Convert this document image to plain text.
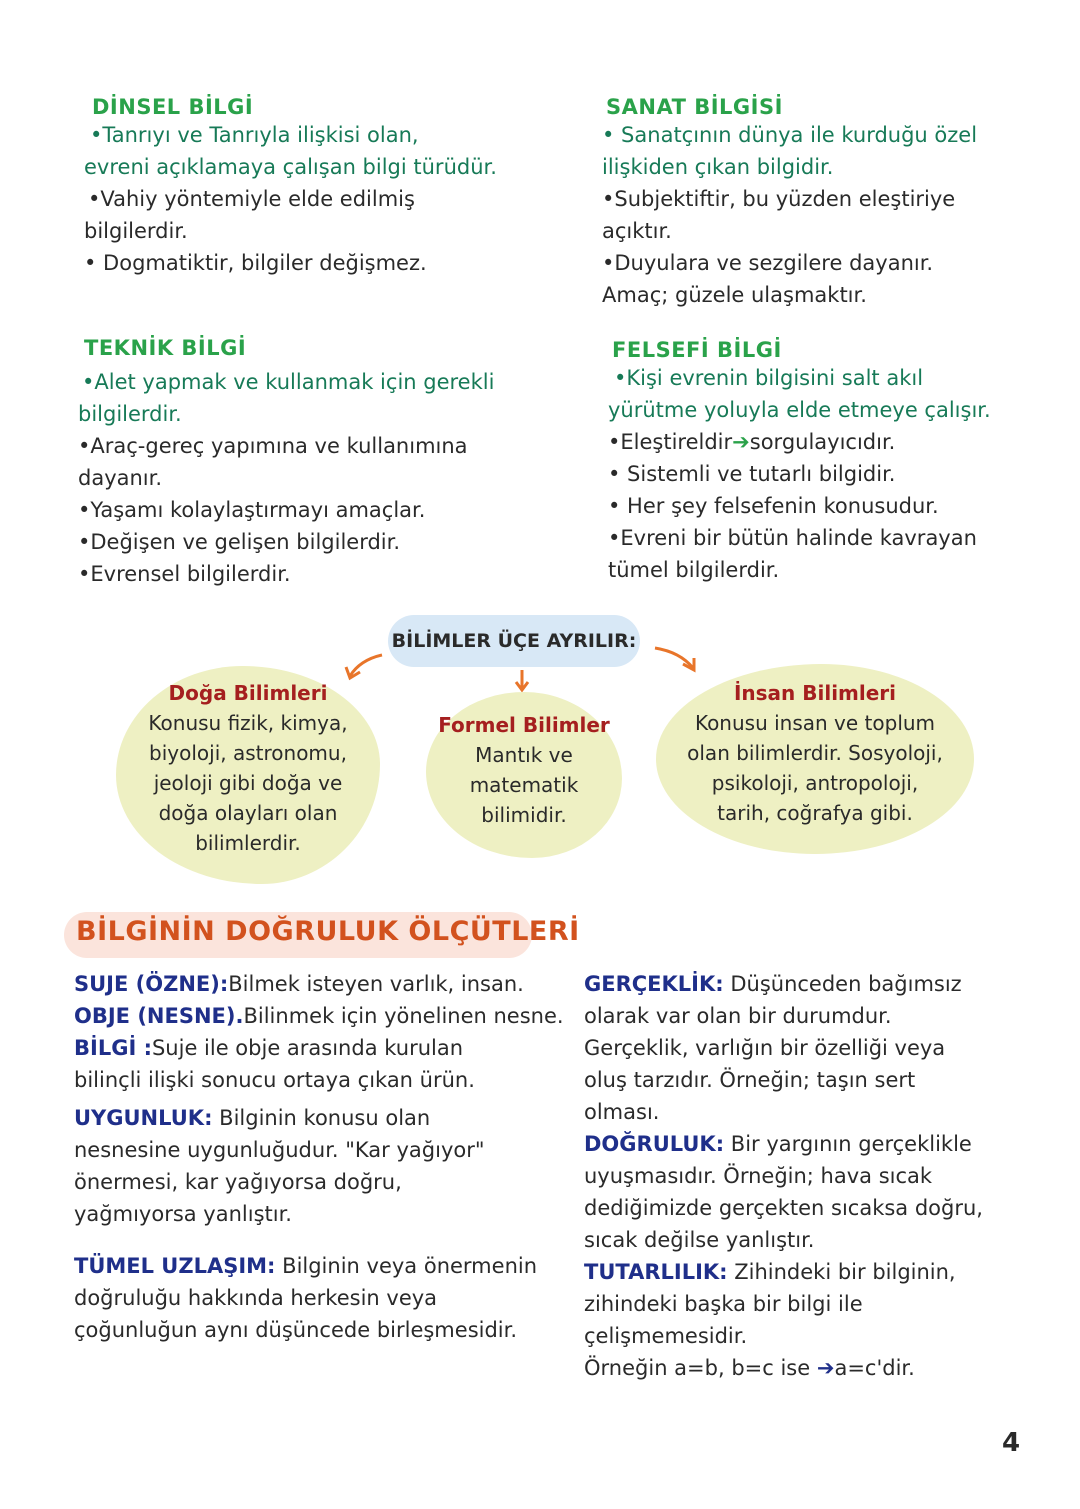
DİNSEL BİLGİ
•Tanrıyı ve Tanrıyla ilişkisi olan,
evreni açıklamaya çalışan bilgi türüdür.
•Vahiy yöntemiyle elde edilmiş
bilgilerdir.
• Dogmatiktir, bilgiler değişmez.
SANAT BİLGİSİ
• Sanatçının dünya ile kurduğu özel
ilişkiden çıkan bilgidir.
•Subjektiftir, bu yüzden eleştiriye
açıktır.
•Duyulara ve sezgilere dayanır.
Amaç; güzele ulaşmaktır.
TEKNİK BİLGİ
•Alet yapmak ve kullanmak için gerekli
bilgilerdir.
•Araç-gereç yapımına ve kullanımına
dayanır.
•Yaşamı kolaylaştırmayı amaçlar.
•Değişen ve gelişen bilgilerdir.
•Evrensel bilgilerdir.
FELSEFİ BİLGİ
•Kişi evrenin bilgisini salt akıl
yürütme yoluyla elde etmeye çalışır.
•Eleştireldir➔sorgulayıcıdır.
• Sistemli ve tutarlı bilgidir.
• Her şey felsefenin konusudur.
•Evreni bir bütün halinde kavrayan
tümel bilgilerdir.
BİLİMLER ÜÇE AYRILIR:
Doğa Bilimleri
Konusu fizik, kimya,
biyoloji, astronomu,
jeoloji gibi doğa ve
doğa olayları olan
bilimlerdir.
Formel Bilimler
Mantık ve
matematik
bilimidir.
İnsan Bilimleri
Konusu insan ve toplum
olan bilimlerdir. Sosyoloji,
psikoloji, antropoloji,
tarih, coğrafya gibi.
BİLGİNİN DOĞRULUK ÖLÇÜTLERİ
SUJE (ÖZNE):Bilmek isteyen varlık, insan.
OBJE (NESNE).Bilinmek için yönelinen nesne.
BİLGİ :Suje ile obje arasında kurulan
bilinçli ilişki sonucu ortaya çıkan ürün.
UYGUNLUK: Bilginin konusu olan
nesnesine uygunluğudur. "Kar yağıyor"
önermesi, kar yağıyorsa doğru,
yağmıyorsa yanlıştır.
TÜMEL UZLAŞIM: Bilginin veya önermenin
doğruluğu hakkında herkesin veya
çoğunluğun aynı düşüncede birleşmesidir.
GERÇEKLİK: Düşünceden bağımsız
olarak var olan bir durumdur.
Gerçeklik, varlığın bir özelliği veya
oluş tarzıdır. Örneğin; taşın sert
olması.
DOĞRULUK: Bir yargının gerçeklikle
uyuşmasıdır. Örneğin; hava sıcak
dediğimizde gerçekten sıcaksa doğru,
sıcak değilse yanlıştır.
TUTARLILIK: Zihindeki bir bilginin,
zihindeki başka bir bilgi ile
çelişmemesidir.
Örneğin a=b, b=c ise ➔a=c'dir.
4
